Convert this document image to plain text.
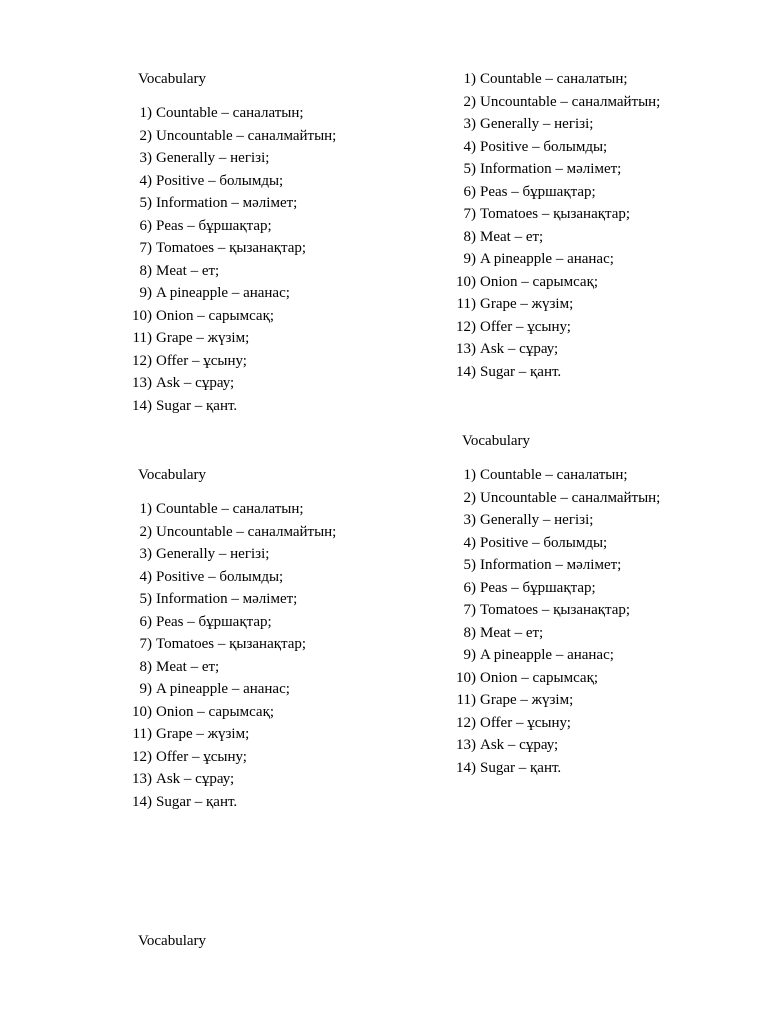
Vocabulary
1) Countable – саналатын;
2) Uncountable – саналмайтын;
3) Generally – негізі;
4) Positive – болымды;
5) Information – мәлімет;
6) Peas – бұршақтар;
7) Tomatoes – қызанақтар;
8) Meat – ет;
9) A pineapple – ананас;
10) Onion – сарымсақ;
11) Grape – жүзім;
12) Offer – ұсыну;
13) Ask – сұрау;
14) Sugar – қант.
1) Countable – саналатын;
2) Uncountable – саналмайтын;
3) Generally – негізі;
4) Positive – болымды;
5) Information – мәлімет;
6) Peas – бұршақтар;
7) Tomatoes – қызанақтар;
8) Meat – ет;
9) A pineapple – ананас;
10) Onion – сарымсақ;
11) Grape – жүзім;
12) Offer – ұсыну;
13) Ask – сұрау;
14) Sugar – қант.
Vocabulary
1) Countable – саналатын;
2) Uncountable – саналмайтын;
3) Generally – негізі;
4) Positive – болымды;
5) Information – мәлімет;
6) Peas – бұршақтар;
7) Tomatoes – қызанақтар;
8) Meat – ет;
9) A pineapple – ананас;
10) Onion – сарымсақ;
11) Grape – жүзім;
12) Offer – ұсыну;
13) Ask – сұрау;
14) Sugar – қант.
Vocabulary
1) Countable – саналатын;
2) Uncountable – саналмайтын;
3) Generally – негізі;
4) Positive – болымды;
5) Information – мәлімет;
6) Peas – бұршақтар;
7) Tomatoes – қызанақтар;
8) Meat – ет;
9) A pineapple – ананас;
10) Onion – сарымсақ;
11) Grape – жүзім;
12) Offer – ұсыну;
13) Ask – сұрау;
14) Sugar – қант.
Vocabulary
